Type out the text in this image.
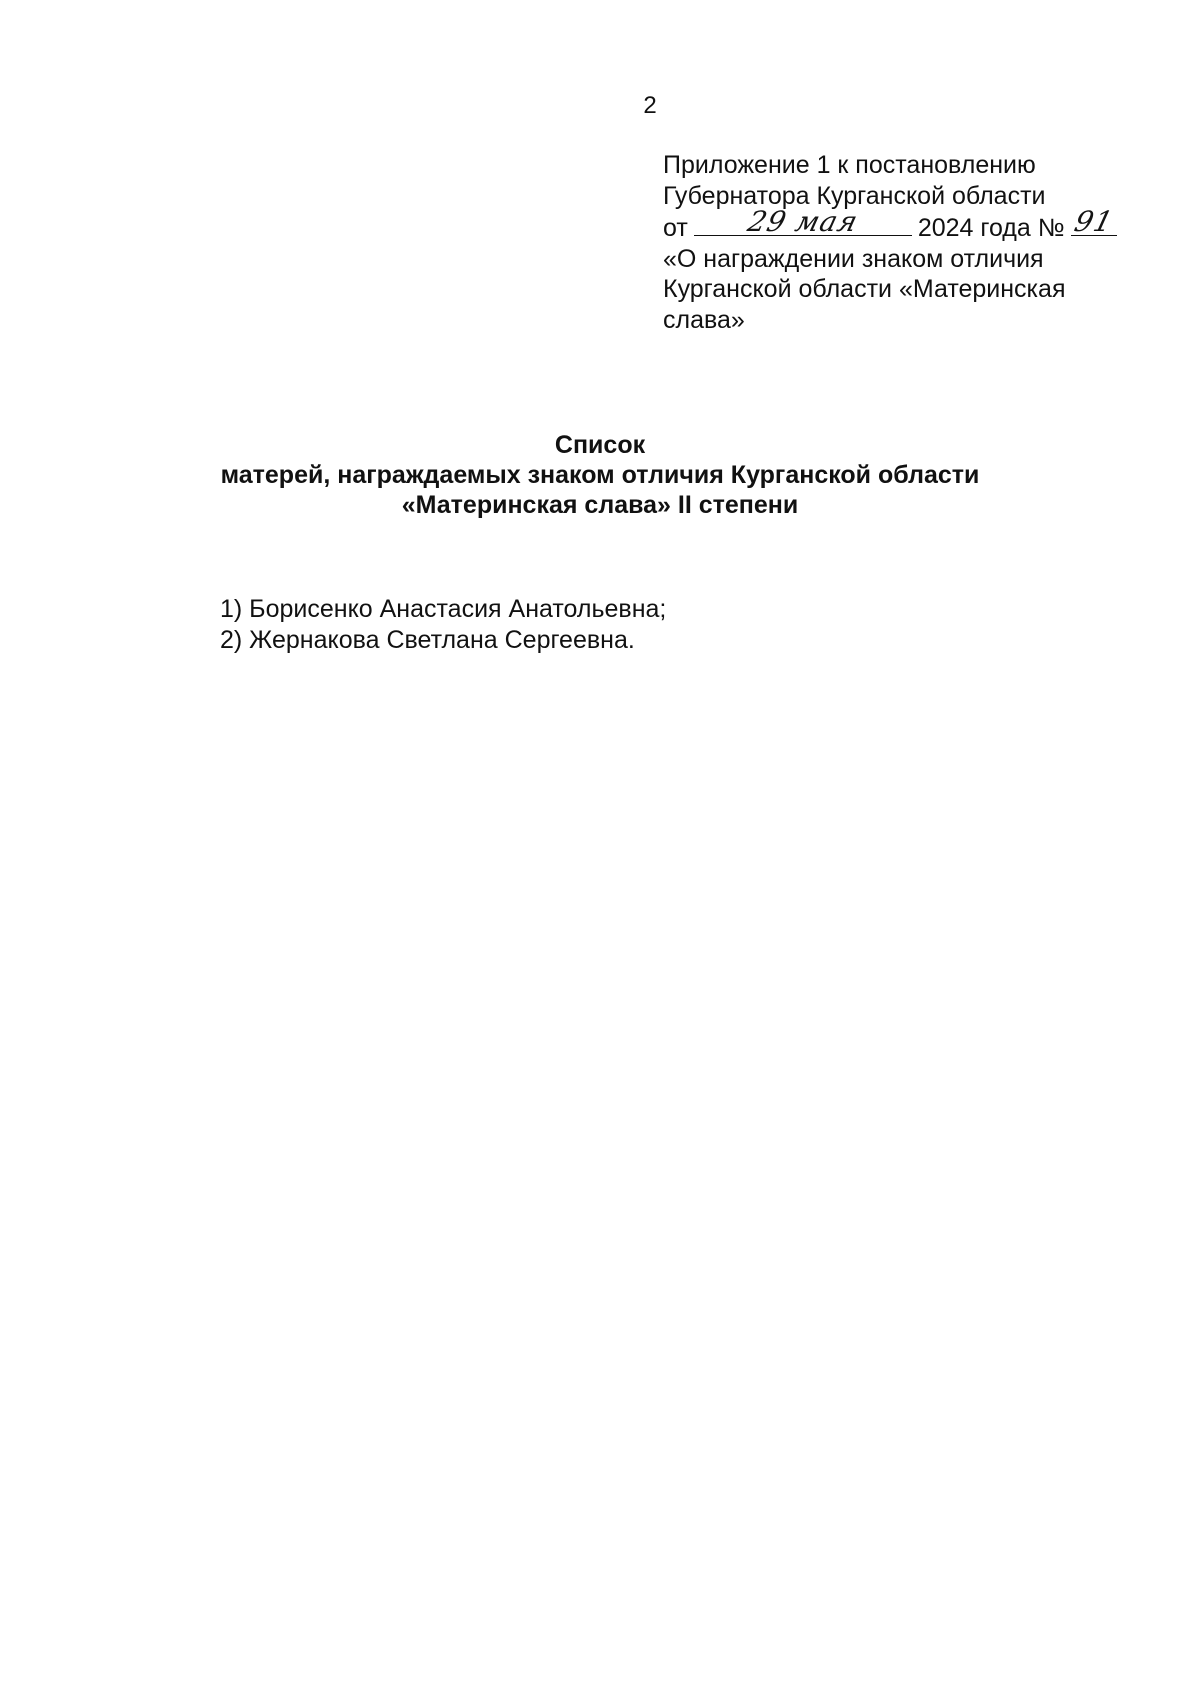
2
Приложение 1 к постановлению
Губернатора Курганской области
от	29 мая	2024 года № 91
«О награждении знаком отличия
Курганской области «Материнская
слава»
Список
матерей, награждаемых знаком отличия Курганской области
«Материнская слава» II степени
1) Борисенко Анастасия Анатольевна;
2) Жернакова Светлана Сергеевна.
